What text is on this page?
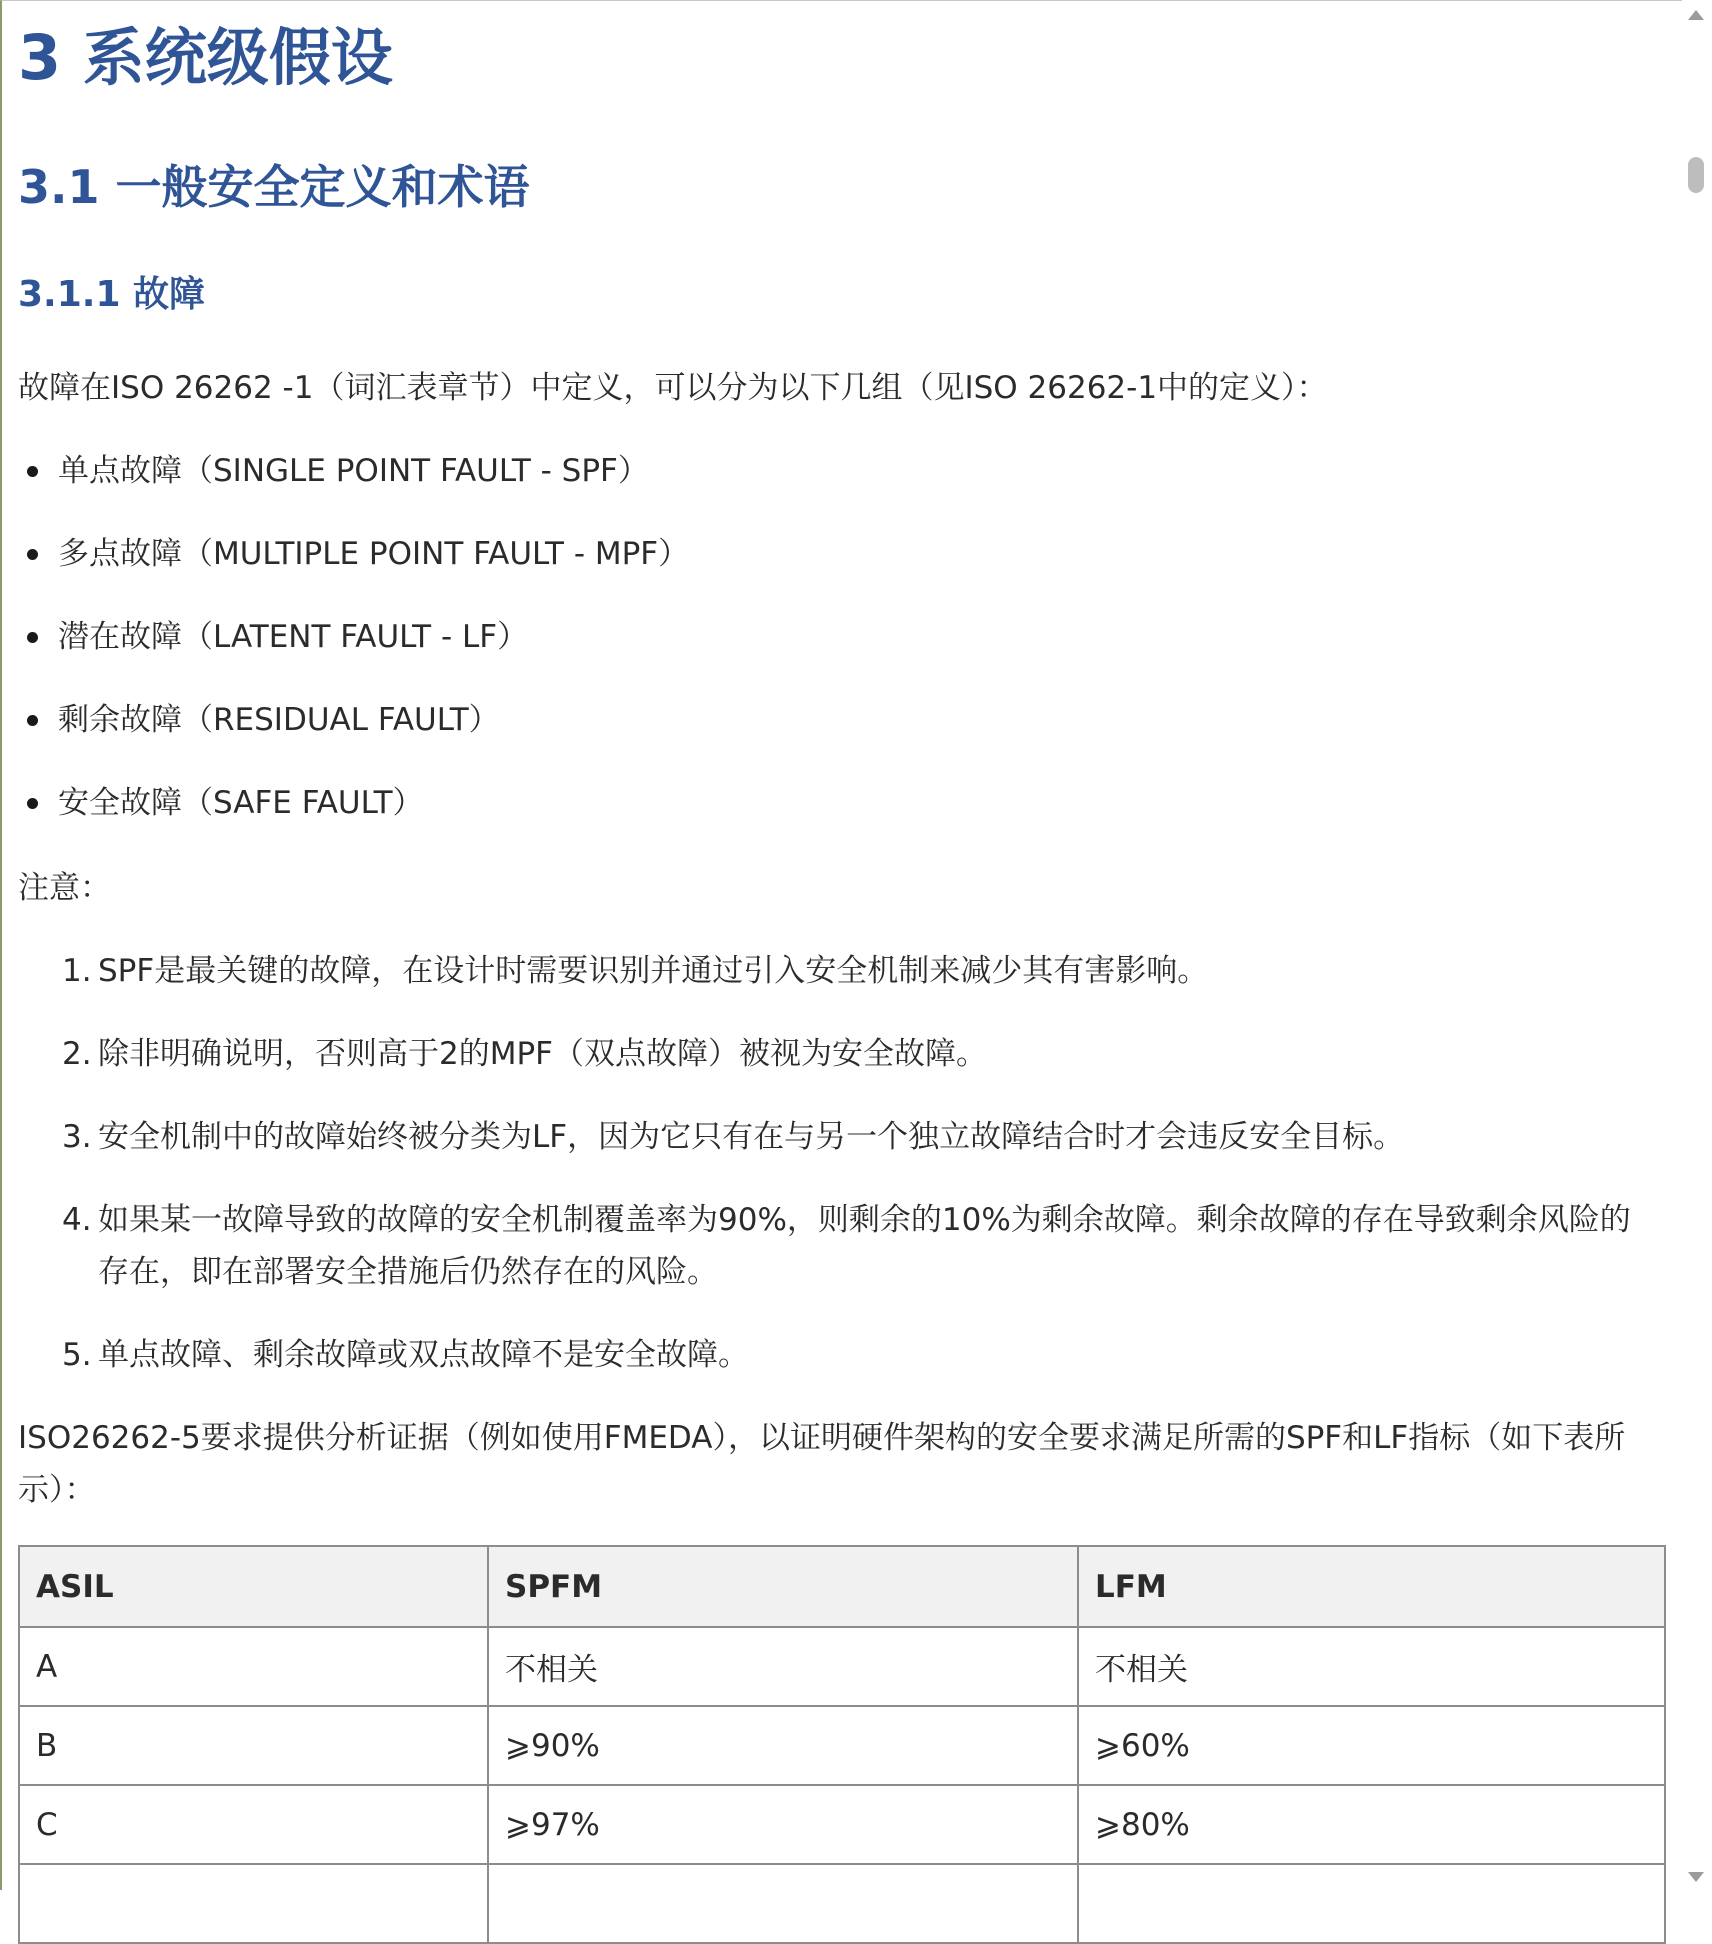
3 系统级假设
3.1 一般安全定义和术语
3.1.1 故障

故障在ISO 26262 -1（词汇表章节）中定义，可以分为以下几组（见ISO 26262-1中的定义）：

单点故障（SINGLE POINT FAULT - SPF）
多点故障（MULTIPLE POINT FAULT - MPF）
潜在故障（LATENT FAULT - LF）
剩余故障（RESIDUAL FAULT）
安全故障（SAFE FAULT）

注意：

1. SPF是最关键的故障，在设计时需要识别并通过引入安全机制来减少其有害影响。
2. 除非明确说明，否则高于2的MPF（双点故障）被视为安全故障。
3. 安全机制中的故障始终被分类为LF，因为它只有在与另一个独立故障结合时才会违反安全目标。
4. 如果某一故障导致的故障的安全机制覆盖率为90%，则剩余的10%为剩余故障。剩余故障的存在导致剩余风险的存在，即在部署安全措施后仍然存在的风险。
5. 单点故障、剩余故障或双点故障不是安全故障。

ISO26262-5要求提供分析证据（例如使用FMEDA），以证明硬件架构的安全要求满足所需的SPF和LF指标（如下表所示）：

ASIL	SPFM	LFM
A	不相关	不相关
B	⩾90%	⩾60%
C	⩾97%	⩾80%
